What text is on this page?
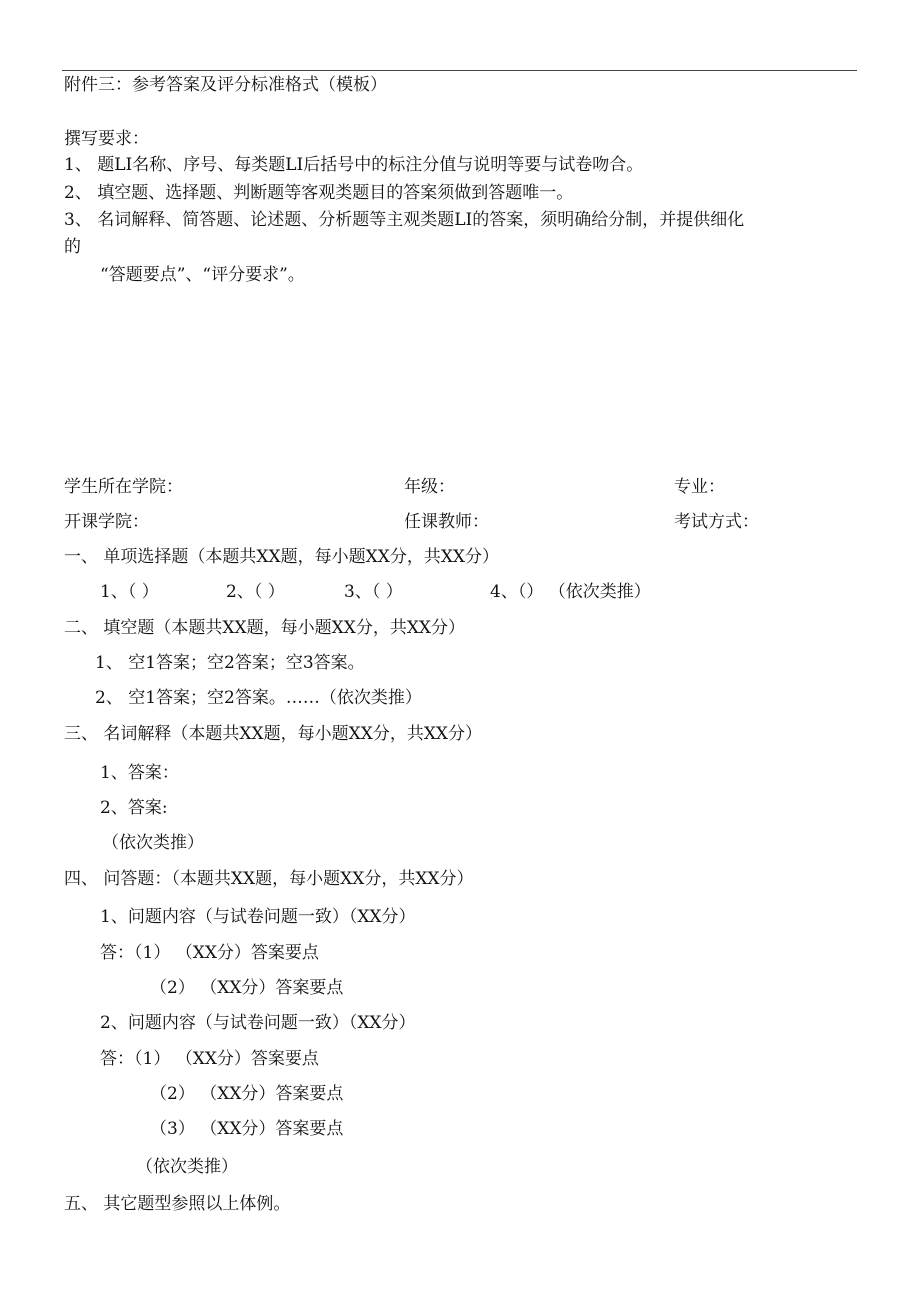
附件三：参考答案及评分标准格式（模板）
撰写要求：
1、 题LI名称、序号、每类题LI后括号中的标注分值与说明等要与试卷吻合。
2、 填空题、选择题、判断题等客观类题目的答案须做到答题唯一。
3、 名词解释、简答题、论述题、分析题等主观类题LI的答案，须明确给分制，并提供细化
的
“答题要点”、“评分要求”。
学生所在学院：	年级：	专业：
开课学院：	任课教师：	考试方式：
一、 单项选择题（本题共XX题，每小题XX分，共XX分）
1、（ ）	2、（ ）	3、（ ）	4、（） （依次类推）
二、 填空题（本题共XX题，每小题XX分，共XX分）
1、 空1答案；空2答案；空3答案。
2、 空1答案；空2答案。……（依次类推）
三、 名词解释（本题共XX题，每小题XX分，共XX分）
1、答案：
2、答案:
（依次类推）
四、 问答题：（本题共XX题，每小题XX分，共XX分）
1、问题内容（与试卷问题一致）（XX分）
答：（1） （XX分）答案要点
（2） （XX分）答案要点
2、问题内容（与试卷问题一致）（XX分）
答：（1） （XX分）答案要点
（2） （XX分）答案要点
（3） （XX分）答案要点
（依次类推）
五、 其它题型参照以上体例。
